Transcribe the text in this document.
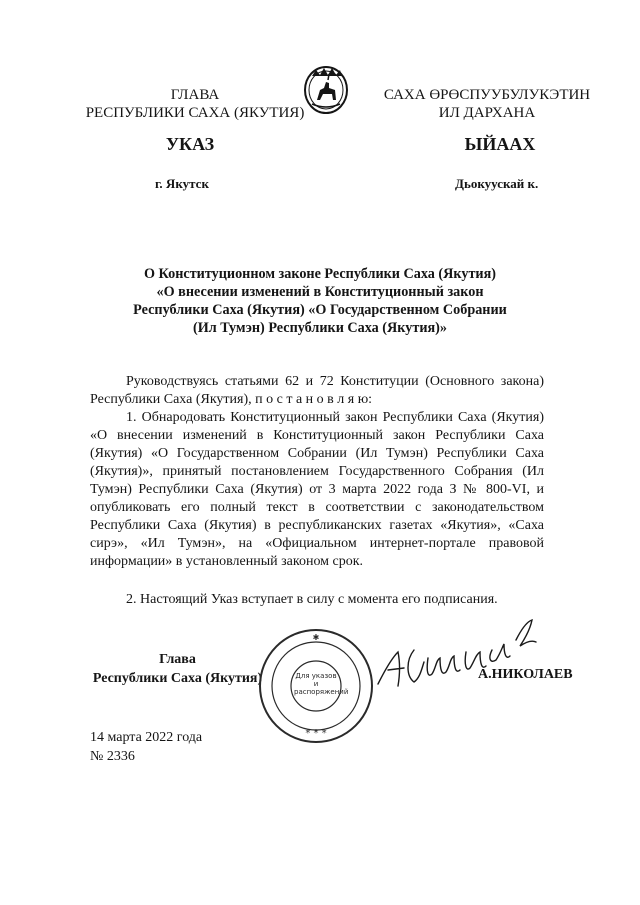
ГЛАВА
РЕСПУБЛИКИ САХА (ЯКУТИЯ)
САХА ӨРӨСПУУБУЛУКЭТИН
ИЛ ДАРХАНА
УКАЗ	ЫЙААХ
г. Якутск	Дьокуускай к.
О Конституционном законе Республики Саха (Якутия)
«О внесении изменений в Конституционный закон
Республики Саха (Якутия) «О Государственном Собрании
(Ил Тумэн) Республики Саха (Якутия)»

Руководствуясь статьями 62 и 72 Конституции (Основного закона) Республики Саха (Якутия), п о с т а н о в л я ю:

1. Обнародовать Конституционный закон Республики Саха (Якутия) «О внесении изменений в Конституционный закон Республики Саха (Якутия) «О Государственном Собрании (Ил Тумэн) Республики Саха (Якутия)», принятый постановлением Государственного Собрания (Ил Тумэн) Республики Саха (Якутия) от 3 марта 2022 года З № 800-VI, и опубликовать его полный текст в соответствии с законодательством Республики Саха (Якутия) в республиканских газетах «Якутия», «Саха сирэ», «Ил Тумэн», на «Официальном интернет-портале правовой информации» в установленный законом срок.

2. Настоящий Указ вступает в силу с момента его подписания.

Глава
Республики Саха (Якутия)
* * *
✱
Для указов и распоряжений
А.НИКОЛАЕВ
14 марта 2022 года
№ 2336
